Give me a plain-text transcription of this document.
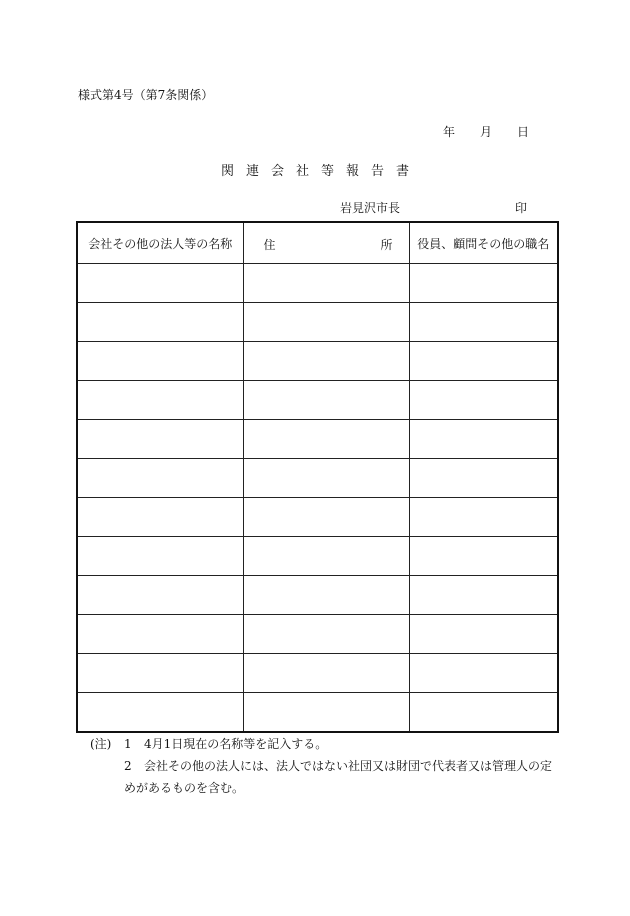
様式第4号（第7条関係）
年 月 日
関連会社等報告書
岩見沢市長	印
会社その他の法人等の名称	住 所	役員、顧問その他の職名

(注) 1 4月1日現在の名称等を記入する。
2 会社その他の法人には、法人ではない社団又は財団で代表者又は管理人の定
めがあるものを含む。
